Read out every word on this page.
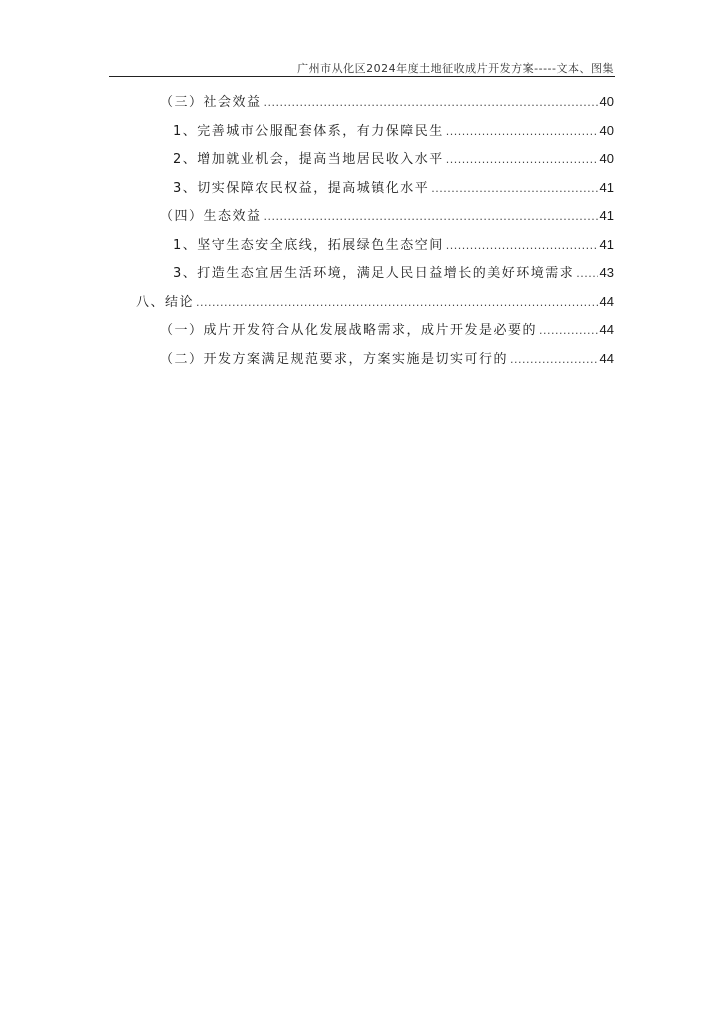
广州市从化区2024年度土地征收成片开发方案-----文本、图集
（三）社会效益 .....	40
1、完善城市公服配套体系，有力保障民生 .....	40
2、增加就业机会，提高当地居民收入水平 .....	40
3、切实保障农民权益，提高城镇化水平 .....	41
（四）生态效益 .....	41
1、坚守生态安全底线，拓展绿色生态空间 .....	41
3、打造生态宜居生活环境，满足人民日益增长的美好环境需求 ..... 43
八、结论 .....	44
（一）成片开发符合从化发展战略需求，成片开发是必要的 .....	44
（二）开发方案满足规范要求，方案实施是切实可行的 .....	44
